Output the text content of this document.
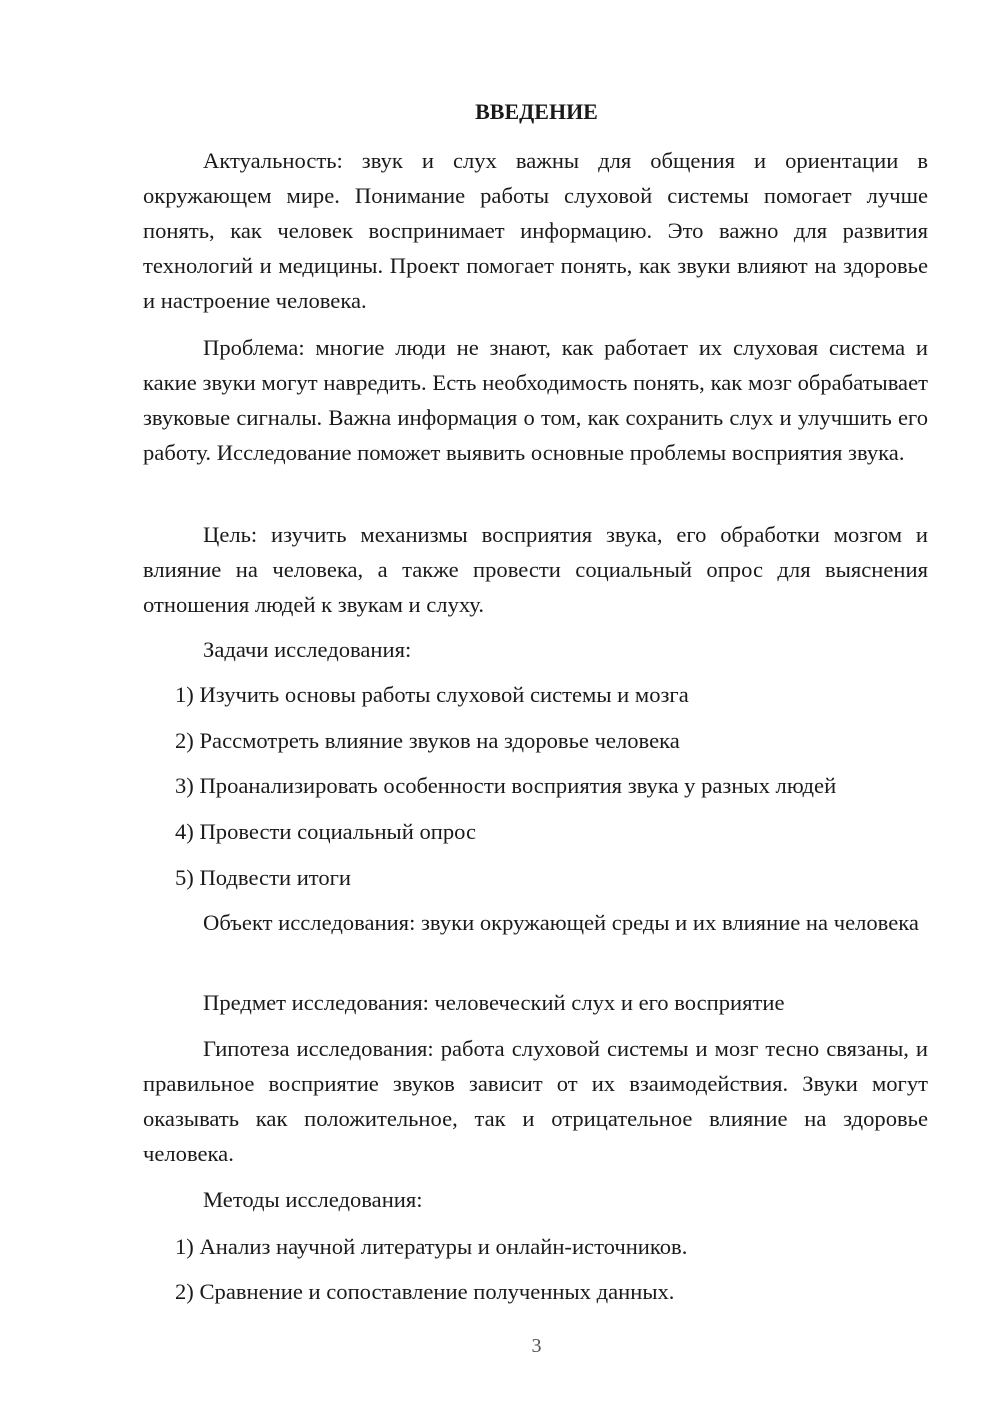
ВВЕДЕНИЕ

Актуальность: звук и слух важны для общения и ориентации в окружающем мире. Понимание работы слуховой системы помогает лучше понять, как человек воспринимает информацию. Это важно для развития технологий и медицины. Проект помогает понять, как звуки влияют на здоровье и настроение человека.

Проблема: многие люди не знают, как работает их слуховая система и какие звуки могут навредить. Есть необходимость понять, как мозг обрабатывает звуковые сигналы. Важна информация о том, как сохранить слух и улучшить его работу. Исследование поможет выявить основные проблемы восприятия звука.

Цель: изучить механизмы восприятия звука, его обработки мозгом и влияние на человека, а также провести социальный опрос для выяснения отношения людей к звукам и слуху.

Задачи исследования:

1) Изучить основы работы слуховой системы и мозга

2) Рассмотреть влияние звуков на здоровье человека

3) Проанализировать особенности восприятия звука у разных людей

4) Провести социальный опрос

5) Подвести итоги

Объект исследования: звуки окружающей среды и их влияние на человека

Предмет исследования: человеческий слух и его восприятие

Гипотеза исследования: работа слуховой системы и мозг тесно связаны, и правильное восприятие звуков зависит от их взаимодействия. Звуки могут оказывать как положительное, так и отрицательное влияние на здоровье человека.

Методы исследования:

1) Анализ научной литературы и онлайн-источников.

2) Сравнение и сопоставление полученных данных.

3
